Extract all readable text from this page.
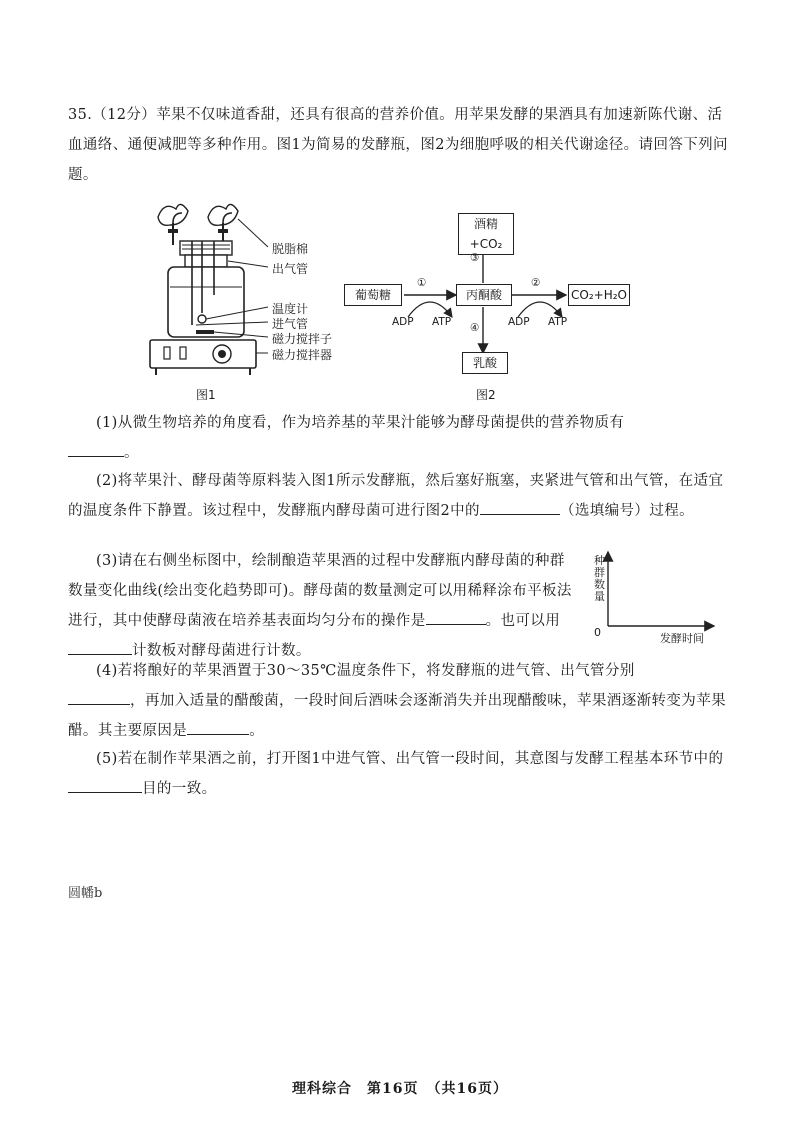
35.（12分）苹果不仅味道香甜，还具有很高的营养价值。用苹果发酵的果酒具有加速新陈代谢、活血通络、通便减肥等多种作用。图1为简易的发酵瓶，图2为细胞呼吸的相关代谢途径。请回答下列问题。
脱脂棉
出气管
温度计
进气管
磁力搅拌子
磁力搅拌器
图1
酒精+CO₂
葡萄糖	丙酮酸	CO₂+H₂O
乳酸
①	②
③
④
ADP ATP	ADP ATP
图2
(1)从微生物培养的角度看，作为培养基的苹果汁能够为酵母菌提供的营养物质有
。
(2)将苹果汁、酵母菌等原料装入图1所示发酵瓶，然后塞好瓶塞，夹紧进气管和出气管，在适宜的温度条件下静置。该过程中，发酵瓶内酵母菌可进行图2中的	（选填编号）过程。
(3)请在右侧坐标图中，绘制酿造苹果酒的过程中发酵瓶内酵母菌的种群数量变化曲线(绘出变化趋势即可)。酵母菌的数量测定可以用稀释涂布平板法进行，其中使酵母菌液在培养基表面均匀分布的操作是	。也可以用计数板对酵母菌进行计数。
种群数量
0	发酵时间
(4)若将酿好的苹果酒置于30～35℃温度条件下，将发酵瓶的进气管、出气管分别
，再加入适量的醋酸菌，一段时间后酒味会逐渐消失并出现醋酸味，苹果酒逐渐转变为苹果醋。其主要原因是	。
(5)若在制作苹果酒之前，打开图1中进气管、出气管一段时间，其意图与发酵工程基本环节中的目的一致。
圆幡b
理科综合　第16页　（共16页）
